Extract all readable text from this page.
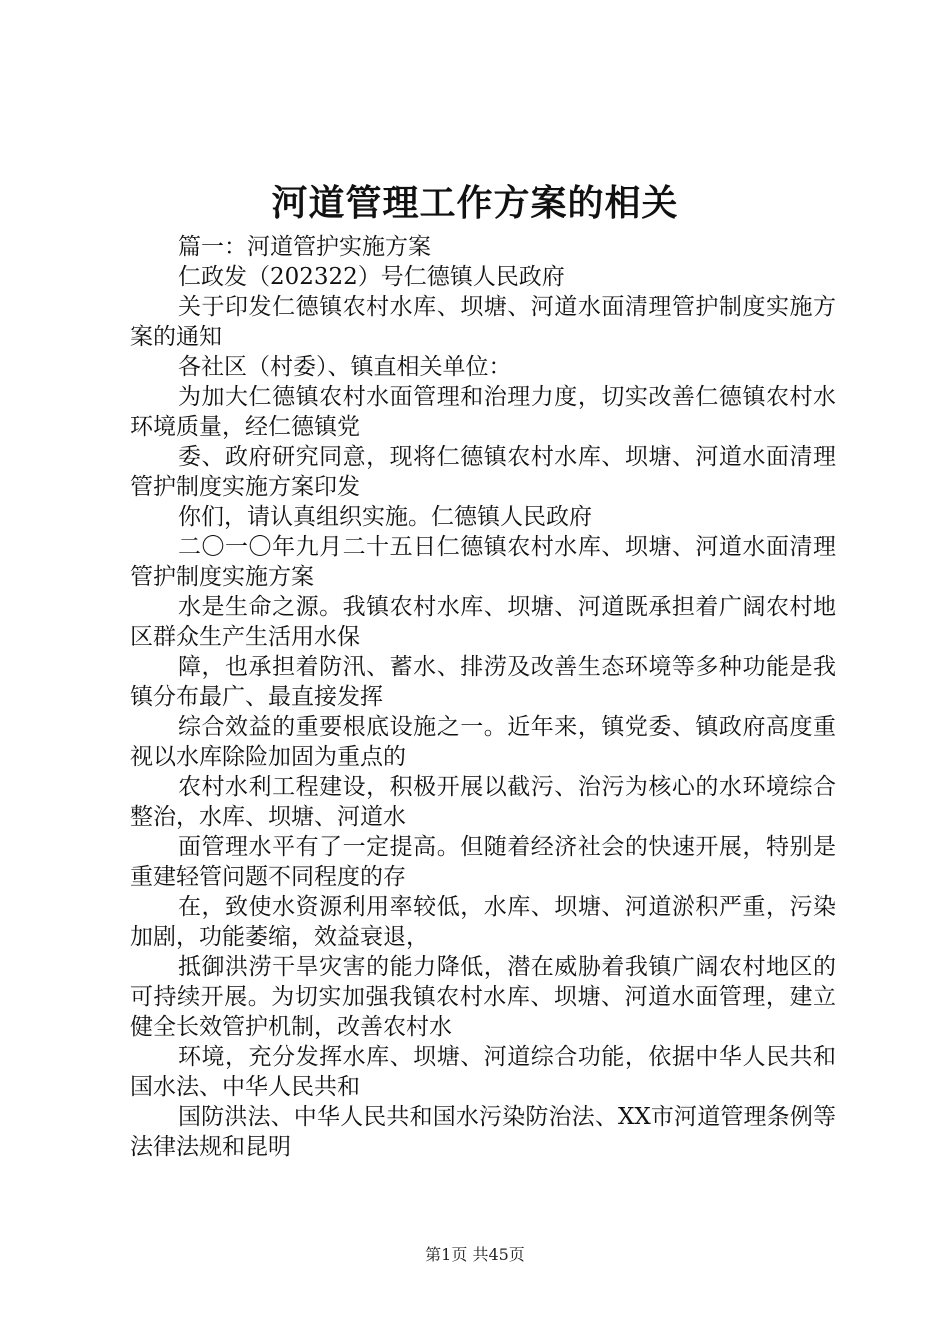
河道管理工作方案的相关

篇一：河道管护实施方案

仁政发（202322）号仁德镇人民政府

关于印发仁德镇农村水库、坝塘、河道水面清理管护制度实施方案的通知

各社区（村委）、镇直相关单位：

为加大仁德镇农村水面管理和治理力度，切实改善仁德镇农村水环境质量，经仁德镇党

委、政府研究同意，现将仁德镇农村水库、坝塘、河道水面清理管护制度实施方案印发

你们，请认真组织实施。仁德镇人民政府

二〇一〇年九月二十五日仁德镇农村水库、坝塘、河道水面清理管护制度实施方案

水是生命之源。我镇农村水库、坝塘、河道既承担着广阔农村地区群众生产生活用水保

障，也承担着防汛、蓄水、排涝及改善生态环境等多种功能是我镇分布最广、最直接发挥

综合效益的重要根底设施之一。近年来，镇党委、镇政府高度重视以水库除险加固为重点的

农村水利工程建设，积极开展以截污、治污为核心的水环境综合整治，水库、坝塘、河道水

面管理水平有了一定提高。但随着经济社会的快速开展，特别是重建轻管问题不同程度的存

在，致使水资源利用率较低，水库、坝塘、河道淤积严重，污染加剧，功能萎缩，效益衰退，

抵御洪涝干旱灾害的能力降低，潜在威胁着我镇广阔农村地区的可持续开展。为切实加强我镇农村水库、坝塘、河道水面管理，建立健全长效管护机制，改善农村水

环境，充分发挥水库、坝塘、河道综合功能，依据中华人民共和国水法、中华人民共和

国防洪法、中华人民共和国水污染防治法、XX市河道管理条例等法律法规和昆明

第1页 共45页
